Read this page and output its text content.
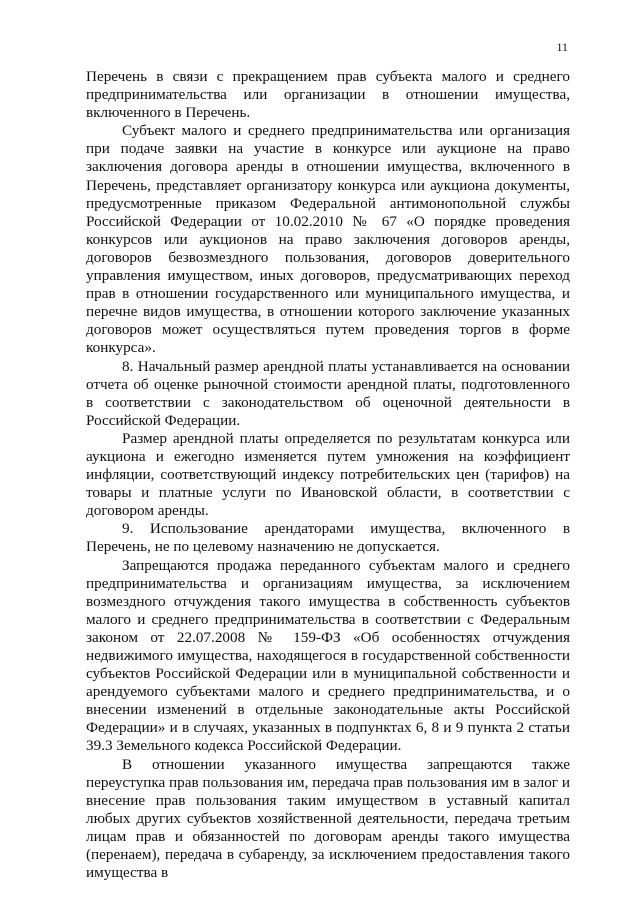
11

Перечень в связи с прекращением прав субъекта малого и среднего предпринимательства или организации в отношении имущества, включенного в Перечень.

Субъект малого и среднего предпринимательства или организация при подаче заявки на участие в конкурсе или аукционе на право заключения договора аренды в отношении имущества, включенного в Перечень, представляет организатору конкурса или аукциона документы, предусмотренные приказом Федеральной антимонопольной службы Российской Федерации от 10.02.2010 № 67 «О порядке проведения конкурсов или аукционов на право заключения договоров аренды, договоров безвозмездного пользования, договоров доверительного управления имуществом, иных договоров, предусматривающих переход прав в отношении государственного или муниципального имущества, и перечне видов имущества, в отношении которого заключение указанных договоров может осуществляться путем проведения торгов в форме конкурса».

8. Начальный размер арендной платы устанавливается на основании отчета об оценке рыночной стоимости арендной платы, подготовленного в соответствии с законодательством об оценочной деятельности в Российской Федерации.

Размер арендной платы определяется по результатам конкурса или аукциона и ежегодно изменяется путем умножения на коэффициент инфляции, соответствующий индексу потребительских цен (тарифов) на товары и платные услуги по Ивановской области, в соответствии с договором аренды.

9. Использование арендаторами имущества, включенного в Перечень, не по целевому назначению не допускается.

Запрещаются продажа переданного субъектам малого и среднего предпринимательства и организациям имущества, за исключением возмездного отчуждения такого имущества в собственность субъектов малого и среднего предпринимательства в соответствии с Федеральным законом от 22.07.2008 № 159-ФЗ «Об особенностях отчуждения недвижимого имущества, находящегося в государственной собственности субъектов Российской Федерации или в муниципальной собственности и арендуемого субъектами малого и среднего предпринимательства, и о внесении изменений в отдельные законодательные акты Российской Федерации» и в случаях, указанных в подпунктах 6, 8 и 9 пункта 2 статьи 39.3 Земельного кодекса Российской Федерации.

В отношении указанного имущества запрещаются также переуступка прав пользования им, передача прав пользования им в залог и внесение прав пользования таким имуществом в уставный капитал любых других субъектов хозяйственной деятельности, передача третьим лицам прав и обязанностей по договорам аренды такого имущества (перенаем), передача в субаренду, за исключением предоставления такого имущества в
